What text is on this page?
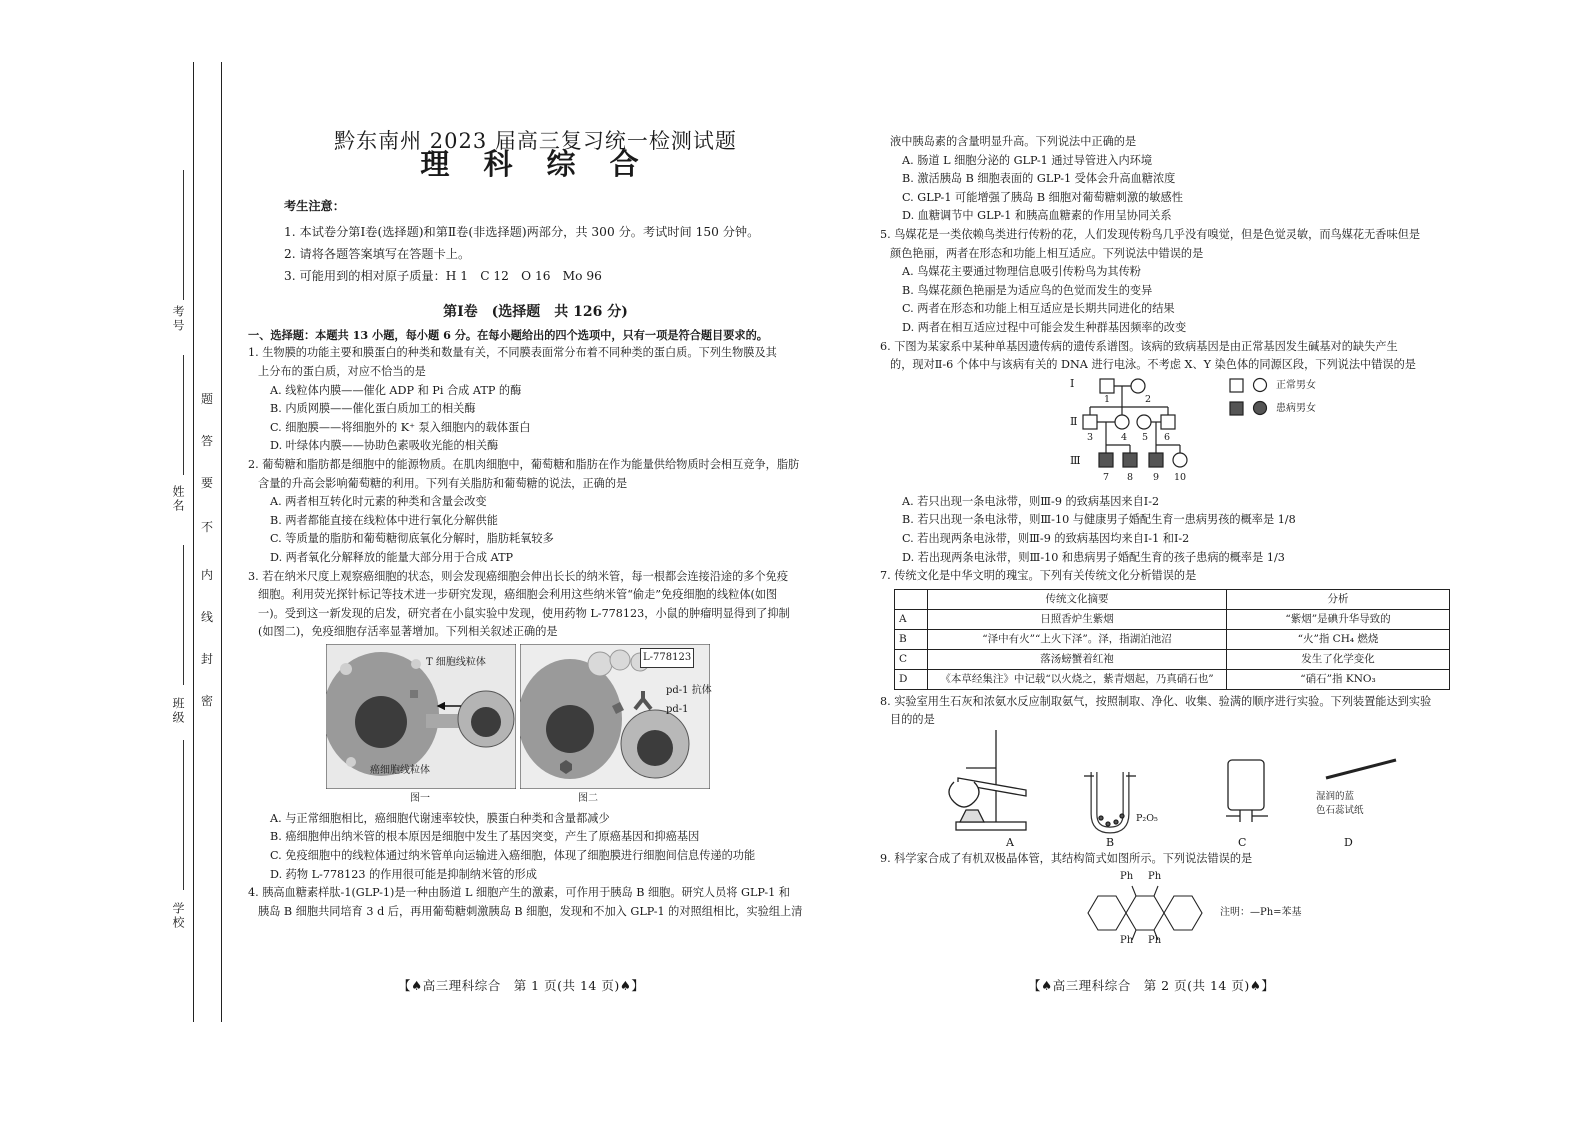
考号
姓名
班级
学校
密
封
线
内
不
要
答
题

黔东南州 2023 届高三复习统一检测试题

理 科 综 合

考生注意：

1. 本试卷分第Ⅰ卷(选择题)和第Ⅱ卷(非选择题)两部分，共 300 分。考试时间 150 分钟。

2. 请将各题答案填写在答题卡上。

3. 可能用到的相对原子质量：H 1　C 12　O 16　Mo 96

第Ⅰ卷　(选择题　共 126 分)

一、选择题：本题共 13 小题，每小题 6 分。在每小题给出的四个选项中，只有一项是符合题目要求的。

1. 生物膜的功能主要和膜蛋白的种类和数量有关，不同膜表面常分布着不同种类的蛋白质。下列生物膜及其

上分布的蛋白质，对应不恰当的是

A. 线粒体内膜——催化 ADP 和 Pi 合成 ATP 的酶

B. 内质网膜——催化蛋白质加工的相关酶

C. 细胞膜——将细胞外的 K⁺ 泵入细胞内的载体蛋白

D. 叶绿体内膜——协助色素吸收光能的相关酶

2. 葡萄糖和脂肪都是细胞中的能源物质。在肌肉细胞中，葡萄糖和脂肪在作为能量供给物质时会相互竞争，脂肪

含量的升高会影响葡萄糖的利用。下列有关脂肪和葡萄糖的说法，正确的是

A. 两者相互转化时元素的种类和含量会改变

B. 两者都能直接在线粒体中进行氧化分解供能

C. 等质量的脂肪和葡萄糖彻底氧化分解时，脂肪耗氧较多

D. 两者氧化分解释放的能量大部分用于合成 ATP

3. 若在纳米尺度上观察癌细胞的状态，则会发现癌细胞会伸出长长的纳米管，每一根都会连接沿途的多个免疫

细胞。利用荧光探针标记等技术进一步研究发现，癌细胞会利用这些纳米管“偷走”免疫细胞的线粒体(如图

一)。受到这一新发现的启发，研究者在小鼠实验中发现，使用药物 L-778123，小鼠的肿瘤明显得到了抑制

(如图二)，免疫细胞存活率显著增加。下列相关叙述正确的是

T 细胞线粒体
癌细胞线粒体
L-778123
pd-1 抗体
pd-1
图一	图二

A. 与正常细胞相比，癌细胞代谢速率较快，膜蛋白种类和含量都减少

B. 癌细胞伸出纳米管的根本原因是细胞中发生了基因突变，产生了原癌基因和抑癌基因

C. 免疫细胞中的线粒体通过纳米管单向运输进入癌细胞，体现了细胞膜进行细胞间信息传递的功能

D. 药物 L-778123 的作用很可能是抑制纳米管的形成

4. 胰高血糖素样肽-1(GLP-1)是一种由肠道 L 细胞产生的激素，可作用于胰岛 B 细胞。研究人员将 GLP-1 和

胰岛 B 细胞共同培育 3 d 后，再用葡萄糖刺激胰岛 B 细胞，发现和不加入 GLP-1 的对照组相比，实验组上清

【♠高三理科综合　第 1 页(共 14 页)♠】

液中胰岛素的含量明显升高。下列说法中正确的是

A. 肠道 L 细胞分泌的 GLP-1 通过导管进入内环境

B. 激活胰岛 B 细胞表面的 GLP-1 受体会升高血糖浓度

C. GLP-1 可能增强了胰岛 B 细胞对葡萄糖刺激的敏感性

D. 血糖调节中 GLP-1 和胰高血糖素的作用呈协同关系

5. 鸟媒花是一类依赖鸟类进行传粉的花，人们发现传粉鸟几乎没有嗅觉，但是色觉灵敏，而鸟媒花无香味但是

颜色艳丽，两者在形态和功能上相互适应。下列说法中错误的是

A. 鸟媒花主要通过物理信息吸引传粉鸟为其传粉

B. 鸟媒花颜色艳丽是为适应鸟的色觉而发生的变异

C. 两者在形态和功能上相互适应是长期共同进化的结果

D. 两者在相互适应过程中可能会发生种群基因频率的改变

6. 下图为某家系中某种单基因遗传病的遗传系谱图。该病的致病基因是由正常基因发生碱基对的缺失产生

的，现对Ⅱ-6 个体中与该病有关的 DNA 进行电泳。不考虑 X、Y 染色体的同源区段，下列说法中错误的是

Ⅰ
Ⅱ
Ⅲ
1	2
3	4 5 6
7 8 9 10
正常男女
患病男女

A. 若只出现一条电泳带，则Ⅲ-9 的致病基因来自Ⅰ-2

B. 若只出现一条电泳带，则Ⅲ-10 与健康男子婚配生育一患病男孩的概率是 1/8

C. 若出现两条电泳带，则Ⅲ-9 的致病基因均来自Ⅰ-1 和Ⅰ-2

D. 若出现两条电泳带，则Ⅲ-10 和患病男子婚配生育的孩子患病的概率是 1/3

7. 传统文化是中华文明的瑰宝。下列有关传统文化分析错误的是

	传统文化摘要	分析
A	日照香炉生紫烟	“紫烟”是碘升华导致的
B	“泽中有火”“上火下泽”。泽，指湖泊池沼	“火”指 CH₄ 燃烧
C	落汤螃蟹着红袍	发生了化学变化
D	《本草经集注》中记载“以火烧之，紫青烟起，乃真硝石也”	“硝石”指 KNO₃

8. 实验室用生石灰和浓氨水反应制取氨气，按照制取、净化、收集、验满的顺序进行实验。下列装置能达到实验

目的的是

A	B	C	D
P₂O₅
湿润的蓝
色石蕊试纸

9. 科学家合成了有机双极晶体管，其结构简式如图所示。下列说法错误的是

Ph Ph
Ph Ph
注明：—Ph=苯基
【♠高三理科综合　第 2 页(共 14 页)♠】
